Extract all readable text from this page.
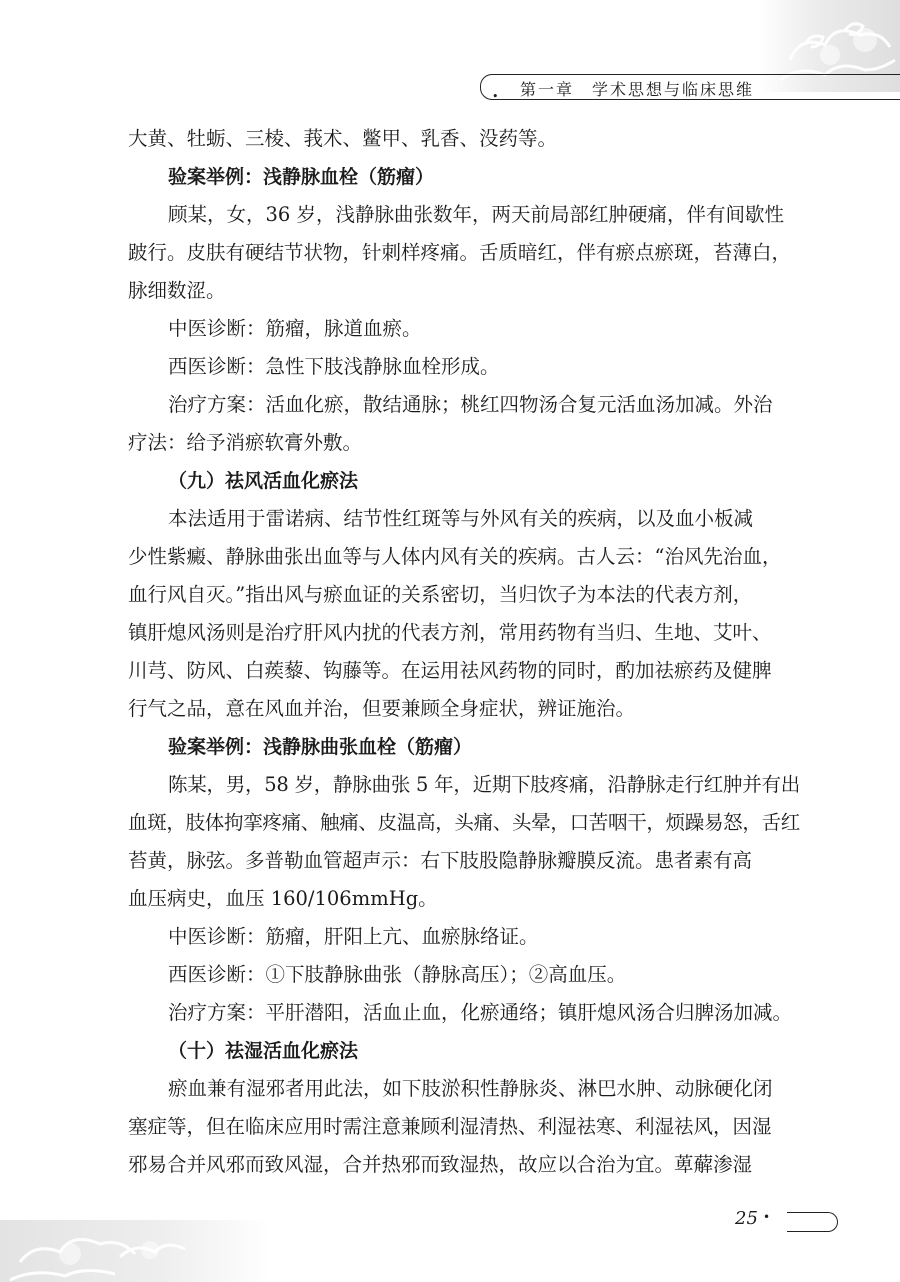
• 第一章　学术思想与临床思维
大黄、牡蛎、三棱、莪术、鳖甲、乳香、没药等。
验案举例：浅静脉血栓（筋瘤）
顾某，女，36 岁，浅静脉曲张数年，两天前局部红肿硬痛，伴有间歇性
跛行。皮肤有硬结节状物，针刺样疼痛。舌质暗红，伴有瘀点瘀斑，苔薄白，
脉细数涩。
中医诊断：筋瘤，脉道血瘀。
西医诊断：急性下肢浅静脉血栓形成。
治疗方案：活血化瘀，散结通脉；桃红四物汤合复元活血汤加减。外治
疗法：给予消瘀软膏外敷。
（九）祛风活血化瘀法
本法适用于雷诺病、结节性红斑等与外风有关的疾病，以及血小板减
少性紫癜、静脉曲张出血等与人体内风有关的疾病。古人云：“治风先治血，
血行风自灭。”指出风与瘀血证的关系密切，当归饮子为本法的代表方剂，
镇肝熄风汤则是治疗肝风内扰的代表方剂，常用药物有当归、生地、艾叶、
川芎、防风、白蒺藜、钩藤等。在运用祛风药物的同时，酌加祛瘀药及健脾
行气之品，意在风血并治，但要兼顾全身症状，辨证施治。
验案举例：浅静脉曲张血栓（筋瘤）
陈某，男，58 岁，静脉曲张 5 年，近期下肢疼痛，沿静脉走行红肿并有出
血斑，肢体拘挛疼痛、触痛、皮温高，头痛、头晕，口苦咽干，烦躁易怒，舌红
苔黄，脉弦。多普勒血管超声示：右下肢股隐静脉瓣膜反流。患者素有高
血压病史，血压 160/106mmHg。
中医诊断：筋瘤，肝阳上亢、血瘀脉络证。
西医诊断：①下肢静脉曲张（静脉高压）；②高血压。
治疗方案：平肝潜阳，活血止血，化瘀通络；镇肝熄风汤合归脾汤加减。
（十）祛湿活血化瘀法
瘀血兼有湿邪者用此法，如下肢淤积性静脉炎、淋巴水肿、动脉硬化闭
塞症等，但在临床应用时需注意兼顾利湿清热、利湿祛寒、利湿祛风，因湿
邪易合并风邪而致风湿，合并热邪而致湿热，故应以合治为宜。萆薢渗湿
25 •
